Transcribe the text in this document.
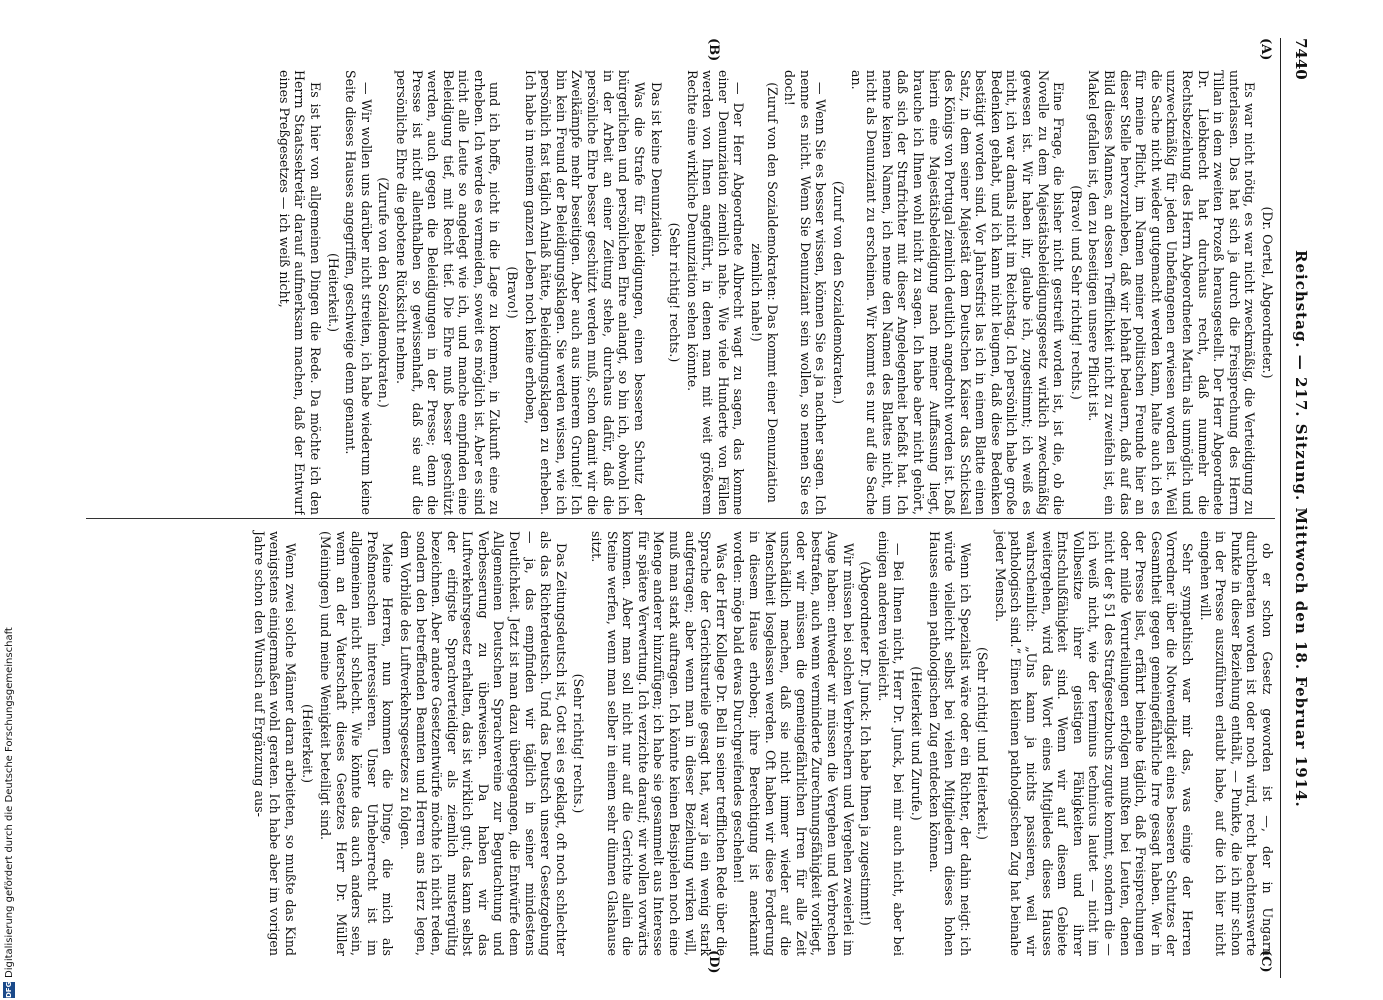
7440
Reichstag. — 217. Sitzung. Mittwoch den 18. Februar 1914.
(A)
(B)
(C)
(D)

(Dr. Oertel, Abgeordneter.)

Es war nicht nötig, es war nicht zweckmäßig, die Verteidigung zu unterlassen. Das hat sich ja durch die Freisprechung des Herrn Tillan in dem zweiten Prozeß herausgestellt. Der Herr Abgeordnete Dr. Liebknecht hat durchaus recht, daß nunmehr die Rechtsbeziehung des Herrn Abgeordneten Martin als unmöglich und unzweckmäßig für jeden Unbefangenen erwiesen worden ist. Weil die Sache nicht wieder gutgemacht werden kann, halte auch ich es für meine Pflicht, im Namen meiner politischen Freunde hier an dieser Stelle hervorzuheben, daß wir lebhaft bedauern, daß auf das Bild dieses Mannes, an dessen Trefflichkeit nicht zu zweifeln ist, ein Makel gefallen ist, den zu beseitigen unsere Pflicht ist.

(Bravo! und Sehr richtig! rechts.)

Eine Frage, die bisher nicht gestreift worden ist, ist die, ob die Novelle zu dem Majestätsbeleidigungsgesetz wirklich zweckmäßig gewesen ist. Wir haben ihr, glaube ich, zugestimmt; ich weiß es nicht, ich war damals nicht im Reichstag. Ich persönlich habe große Bedenken gehabt, und ich kann nicht leugnen, daß diese Bedenken bestätigt worden sind. Vor Jahresfrist las ich in einem Blatte einen Satz, in dem seiner Majestät dem Deutschen Kaiser das Schicksal des Königs von Portugal ziemlich deutlich angedroht worden ist. Daß hierin eine Majestätsbeleidigung nach meiner Auffassung liegt, brauche ich Ihnen wohl nicht zu sagen. Ich habe aber nicht gehört, daß sich der Strafrichter mit dieser Angelegenheit befaßt hat. Ich nenne keinen Namen, ich nenne den Namen des Blattes nicht, um nicht als Denunziant zu erscheinen. Wir kommt es nur auf die Sache an.

(Zuruf von den Sozialdemokraten.)

— Wenn Sie es besser wissen, können Sie es ja nachher sagen. Ich nenne es nicht. Wenn Sie Denunziant sein wollen, so nennen Sie es doch!

(Zuruf von den Sozialdemokraten: Das kommt einer Denunziation ziemlich nahe!)

— Der Herr Abgeordnete Albrecht wagt zu sagen, das komme einer Denunziation ziemlich nahe. Wie viele Hunderte von Fällen werden von Ihnen angeführt, in denen man mit weit größerem Rechte eine wirkliche Denunziation sehen könnte.

(Sehr richtig! rechts.)

Das ist keine Denunziation.

Was die Strafe für Beleidigungen, einen besseren Schutz der bürgerlichen und persönlichen Ehre anlangt, so bin ich, obwohl ich in der Arbeit an einer Zeitung stehe, durchaus dafür, daß die persönliche Ehre besser geschützt werden muß, schon damit wir die Zweikämpfe mehr beseitigen. Aber auch aus innerem Grunde! Ich bin kein Freund der Beleidigungsklagen. Sie werden wissen, wie ich persönlich fast täglich Anlaß hätte, Beleidigungsklagen zu erheben. Ich habe in meinem ganzen Leben noch keine erhoben,

(Bravo!)

und ich hoffe, nicht in die Lage zu kommen, in Zukunft eine zu erheben. Ich werde es vermeiden, soweit es möglich ist. Aber es sind nicht alle Leute so angelegt wie ich, und manche empfinden eine Beleidigung tief, mit Recht tief. Die Ehre muß besser geschützt werden, auch gegen die Beleidigungen in der Presse; denn die Presse ist nicht allenthalben so gewissenhaft, daß sie auf die persönliche Ehre die gebotene Rücksicht nehme.

(Zurufe von den Sozialdemokraten.)

— Wir wollen uns darüber nicht streiten, ich habe wiederum keine Seite dieses Hauses angegriffen, geschweige denn genannt.

(Heiterkeit.)

Es ist hier von allgemeinen Dingen die Rede. Da möchte ich den Herrn Staatssekretär darauf aufmerksam machen, daß der Entwurf eines Preßgesetzes — ich weiß nicht,

ob er schon Gesetz geworden ist —, der in Ungarn durchberaten worden ist oder noch wird, recht beachtenswerte Punkte in dieser Beziehung enthält, — Punkte, die ich mir schon in der Presse auszuführen erlaubt habe, auf die ich hier nicht eingehen will.

Sehr sympathisch war mir das, was einige der Herren Vorredner über die Notwendigkeit eines besseren Schutzes der Gesamtheit gegen gemeingefährliche Irre gesagt haben. Wer in der Presse liest, erfährt beinahe täglich, daß Freisprechungen oder milde Verurteilungen erfolgen mußten bei Leuten, denen nicht der § 51 des Strafgesetzbuchs zugute kommt, sondern die — ich weiß nicht, wie der terminus technicus lautet — nicht im Vollbesitze ihrer geistigen Fähigkeiten und ihrer Entschlußfähigkeit sind. Wenn wir auf diesem Gebiete weitergehen, wird das Wort eines Mitgliedes dieses Hauses wahrscheinlich: „Uns kann ja nichts passieren, weil wir pathologisch sind.“ Einen kleinen pathologischen Zug hat beinahe jeder Mensch.

(Sehr richtig! und Heiterkeit.)

Wenn ich Spezialist wäre oder ein Richter, der dahin neigt: ich würde vielleicht selbst bei vielen Mitgliedern dieses hohen Hauses einen pathologischen Zug entdecken können.

(Heiterkeit und Zurufe.)

— Bei Ihnen nicht, Herr Dr. Junck, bei mir auch nicht, aber bei einigen anderen vielleicht.

(Abgeordneter Dr. Junck: Ich habe Ihnen ja zugestimmt!)

Wir müssen bei solchen Verbrechern und Vergehen zweierlei im Auge haben: entweder wir müssen die Vergehen und Verbrechen bestrafen, auch wenn verminderte Zurechnungsfähigkeit vorliegt, oder wir müssen die gemeingefährlichen Irren für alle Zeit unschädlich machen, daß sie nicht immer wieder auf die Menschheit losgelassen werden. Oft haben wir diese Forderung in diesem Hause erhoben; ihre Berechtigung ist anerkannt worden: möge bald etwas Durchgreifendes geschehen!

Was der Herr Kollege Dr. Bell in seiner trefflichen Rede über die Sprache der Gerichtsurteile gesagt hat, war ja ein wenig stark aufgetragen; aber wenn man in dieser Beziehung wirken will, muß man stark auftragen. Ich könnte keinen Beispielen noch eine Menge anderer hinzufügen; ich habe sie gesammelt aus Interesse für spätere Verwertung. Ich verzichte darauf; wir wollen vorwärts kommen. Aber man soll nicht nur auf die Gerichte allein die Steine werfen, wenn man selber in einem sehr dünnen Glashause sitzt.

(Sehr richtig! rechts.)

Das Zeitungsdeutsch ist, Gott sei es geklagt, oft noch schlechter als das Richterdeutsch. Und das Deutsch unserer Gesetzgebung — ja, das empfinden wir täglich in seiner mindestens Deutlichkeit. Jetzt ist man dazu übergegangen, die Entwürfe dem Allgemeinen Deutschen Sprachvereine zur Begutachtung und Verbesserung zu überweisen. Da haben wir das Luftverkehrsgesetz erhalten, das ist wirklich gut; das kann selbst der eifrigste Sprachverteidiger als ziemlich mustergültig bezeichnen. Aber andere Gesetzentwürfe möchte ich nicht reden, sondern den betreffenden Beamten und Herren ans Herz legen, dem Vorbilde des Luftverkehrsgesetzes zu folgen.

Meine Herren, nun kommen die Dinge, die mich als Preßmenschen interessieren. Unser Urheberrecht ist im allgemeinen nicht schlecht. Wie könnte das auch anders sein, wenn an der Vaterschaft dieses Gesetzes Herr Dr. Müller (Meiningen) und meine Wenigkeit beteiligt sind.

(Heiterkeit.)

Wenn zwei solche Männer daran arbeiteten, so mußte das Kind wenigstens einigermaßen wohl geraten. Ich habe aber im vorigen Jahre schon den Wunsch auf Ergänzung aus-

DFG
Digitalisierung gefördert durch die Deutsche Forschungsgemeinschaft
